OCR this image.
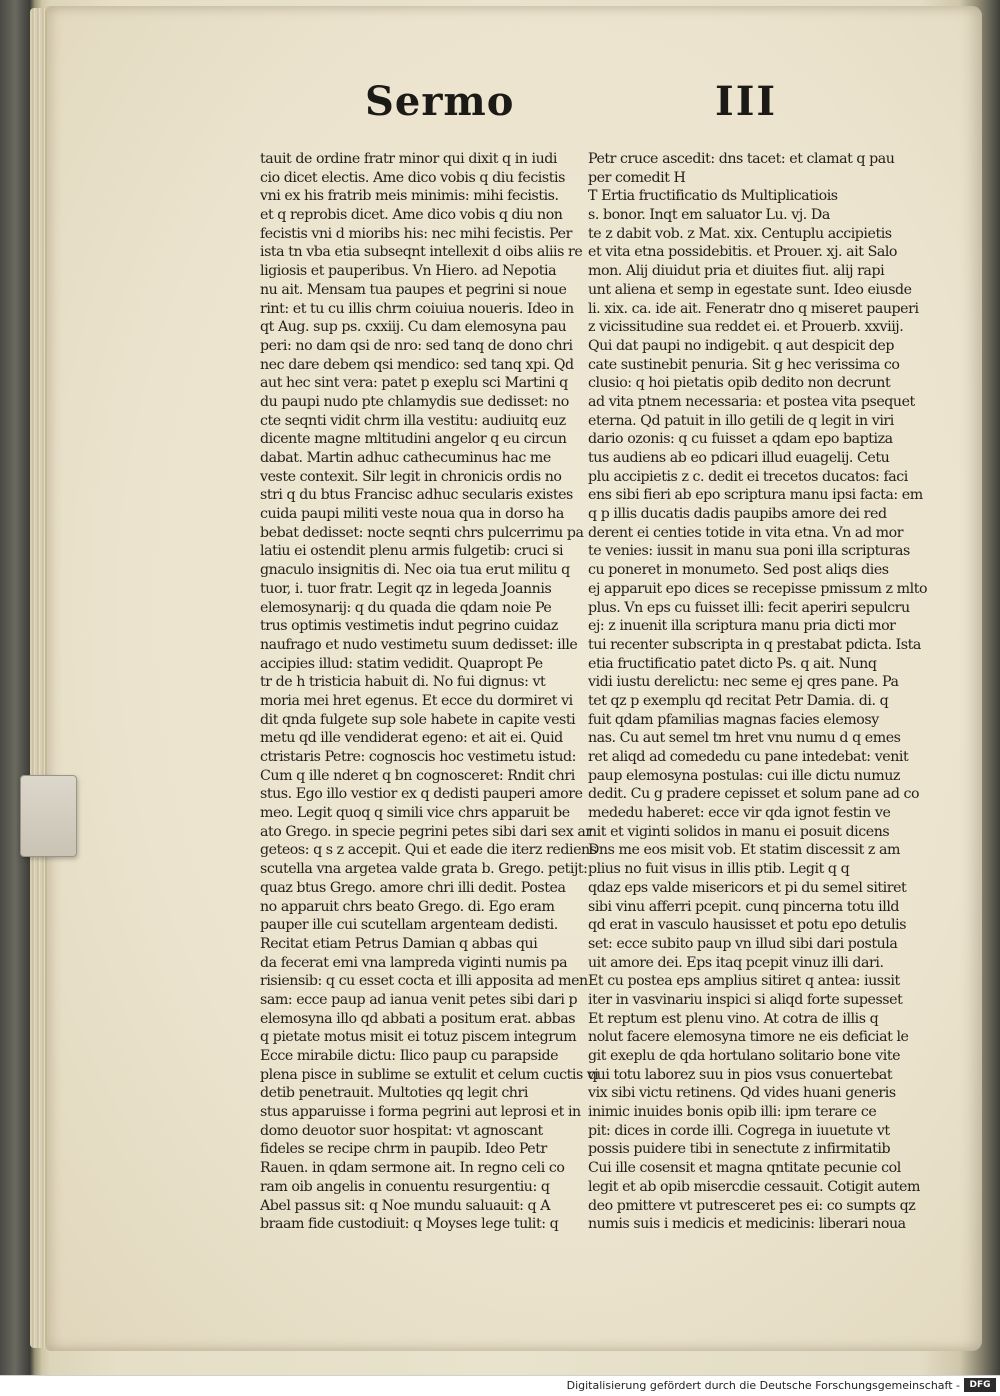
Sermo	III
tauit de ordine fratr minor qui dixit q in iudi
cio dicet electis. Ame dico vobis q diu fecistis
vni ex his fratrib meis minimis: mihi fecistis.
et q reprobis dicet. Ame dico vobis q diu non
fecistis vni d mioribs his: nec mihi fecistis. Per
ista tn vba etia subseqnt intellexit d oibs aliis re
ligiosis et pauperibus. Vn Hiero. ad Nepotia
nu ait. Mensam tua paupes et pegrini si noue
rint: et tu cu illis chrm coiuiua noueris. Ideo in
qt Aug. sup ps. cxxiij. Cu dam elemosyna pau
peri: no dam qsi de nro: sed tanq de dono chri
nec dare debem qsi mendico: sed tanq xpi. Qd
aut hec sint vera: patet p exeplu sci Martini q
du paupi nudo pte chlamydis sue dedisset: no
cte seqnti vidit chrm illa vestitu: audiuitq euz
dicente magne mltitudini angelor q eu circun
dabat. Martin adhuc cathecuminus hac me
veste contexit. Silr legit in chronicis ordis no
stri q du btus Francisc adhuc secularis existes
cuida paupi militi veste noua qua in dorso ha
bebat dedisset: nocte seqnti chrs pulcerrimu pa
latiu ei ostendit plenu armis fulgetib: cruci si
gnaculo insignitis di. Nec oia tua erut militu q
tuor, i. tuor fratr. Legit qz in legeda Joannis
elemosynarij: q du quada die qdam noie Pe
trus optimis vestimetis indut pegrino cuidaz
naufrago et nudo vestimetu suum dedisset: ille
accipies illud: statim vedidit. Quapropt Pe
tr de h tristicia habuit di. No fui dignus: vt
moria mei hret egenus. Et ecce du dormiret vi
dit qnda fulgete sup sole habete in capite vesti
metu qd ille vendiderat egeno: et ait ei. Quid
ctristaris Petre: cognoscis hoc vestimetu istud:
Cum q ille nderet q bn cognosceret: Rndit chri
stus. Ego illo vestior ex q dedisti pauperi amore
meo. Legit quoq q simili vice chrs apparuit be
ato Grego. in specie pegrini petes sibi dari sex ar
geteos: q s z accepit. Qui et eade die iterz rediens
scutella vna argetea valde grata b. Grego. petijt:
quaz btus Grego. amore chri illi dedit. Postea
no apparuit chrs beato Grego. di. Ego eram
pauper ille cui scutellam argenteam dedisti.
Recitat etiam Petrus Damian q abbas qui
da fecerat emi vna lampreda viginti numis pa
risiensib: q cu esset cocta et illi apposita ad men
sam: ecce paup ad ianua venit petes sibi dari p
elemosyna illo qd abbati a positum erat. abbas
q pietate motus misit ei totuz piscem integrum
Ecce mirabile dictu: Ilico paup cu parapside
plena pisce in sublime se extulit et celum cuctis vi
detib penetrauit. Multoties qq legit chri
stus apparuisse i forma pegrini aut leprosi et in
domo deuotor suor hospitat: vt agnoscant
fideles se recipe chrm in paupib. Ideo Petr
Rauen. in qdam sermone ait. In regno celi co
ram oib angelis in conuentu resurgentiu: q
Abel passus sit: q Noe mundu saluauit: q A
braam fide custodiuit: q Moyses lege tulit: q
Petr cruce ascedit: dns tacet: et clamat q pau
per comedit H
T Ertia fructificatio ds Multiplicatiois
s. bonor. Inqt em saluator Lu. vj. Da
te z dabit vob. z Mat. xix. Centuplu accipietis
et vita etna possidebitis. et Prouer. xj. ait Salo
mon. Alij diuidut pria et diuites fiut. alij rapi
unt aliena et semp in egestate sunt. Ideo eiusde
li. xix. ca. ide ait. Feneratr dno q miseret pauperi
z vicissitudine sua reddet ei. et Prouerb. xxviij.
Qui dat paupi no indigebit. q aut despicit dep
cate sustinebit penuria. Sit g hec verissima co
clusio: q hoi pietatis opib dedito non decrunt
ad vita ptnem necessaria: et postea vita psequet
eterna. Qd patuit in illo getili de q legit in viri
dario ozonis: q cu fuisset a qdam epo baptiza
tus audiens ab eo pdicari illud euagelij. Cetu
plu accipietis z c. dedit ei trecetos ducatos: faci
ens sibi fieri ab epo scriptura manu ipsi facta: em
q p illis ducatis dadis paupibs amore dei red
derent ei centies totide in vita etna. Vn ad mor
te venies: iussit in manu sua poni illa scripturas
cu poneret in monumeto. Sed post aliqs dies
ej apparuit epo dices se recepisse pmissum z mlto
plus. Vn eps cu fuisset illi: fecit aperiri sepulcru
ej: z inuenit illa scriptura manu pria dicti mor
tui recenter subscripta in q prestabat pdicta. Ista
etia fructificatio patet dicto Ps. q ait. Nunq
vidi iustu derelictu: nec seme ej qres pane. Pa
tet qz p exemplu qd recitat Petr Damia. di. q
fuit qdam pfamilias magnas facies elemosy
nas. Cu aut semel tm hret vnu numu d q emes
ret aliqd ad comededu cu pane intedebat: venit
paup elemosyna postulas: cui ille dictu numuz
dedit. Cu g pradere cepisset et solum pane ad co
mededu haberet: ecce vir qda ignot festin ve
nit et viginti solidos in manu ei posuit dicens
Dns me eos misit vob. Et statim discessit z am
plius no fuit visus in illis ptib. Legit q q
qdaz eps valde misericors et pi du semel sitiret
sibi vinu afferri pcepit. cunq pincerna totu illd
qd erat in vasculo hausisset et potu epo detulis
set: ecce subito paup vn illud sibi dari postula
uit amore dei. Eps itaq pcepit vinuz illi dari.
Et cu postea eps amplius sitiret q antea: iussit
iter in vasvinariu inspici si aliqd forte supesset
Et reptum est plenu vino. At cotra de illis q
nolut facere elemosyna timore ne eis deficiat le
git exeplu de qda hortulano solitario bone vite
qui totu laborez suu in pios vsus conuertebat
vix sibi victu retinens. Qd vides huani generis
inimic inuides bonis opib illi: ipm terare ce
pit: dices in corde illi. Cogrega in iuuetute vt
possis puidere tibi in senectute z infirmitatib
Cui ille cosensit et magna qntitate pecunie col
legit et ab opib misercdie cessauit. Cotigit autem
deo pmittere vt putresceret pes ei: co sumpts qz
numis suis i medicis et medicinis: liberari noua
Digitalisierung gefördert durch die Deutsche Forschungsgemeinschaft -	DFG
